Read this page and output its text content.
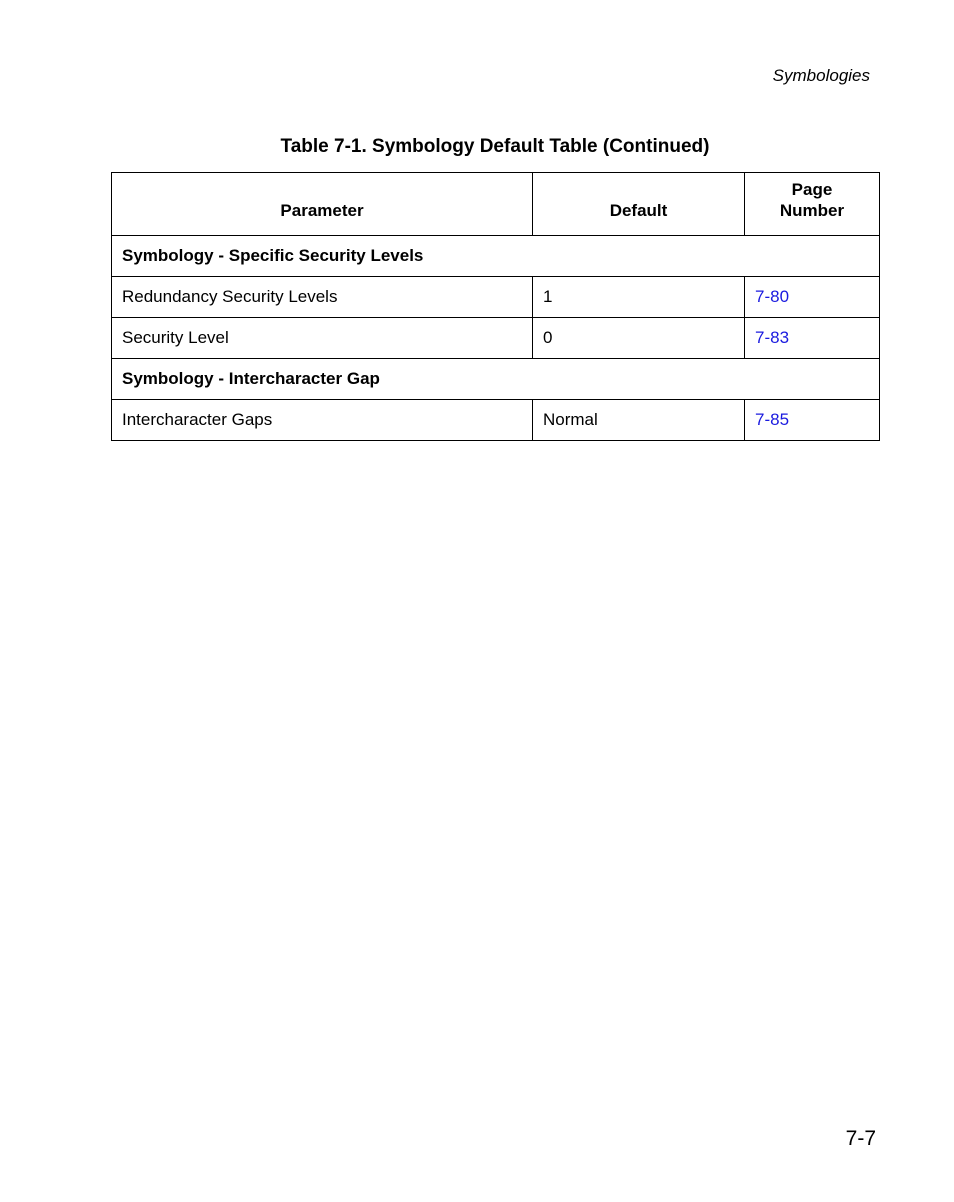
Symbologies
Table 7-1. Symbology Default Table (Continued)
Parameter	Default	Page
Number
Symbology - Specific Security Levels		
Redundancy Security Levels	1	7-80
Security Level	0	7-83
Symbology - Intercharacter Gap		
Intercharacter Gaps	Normal	7-85
7-7
